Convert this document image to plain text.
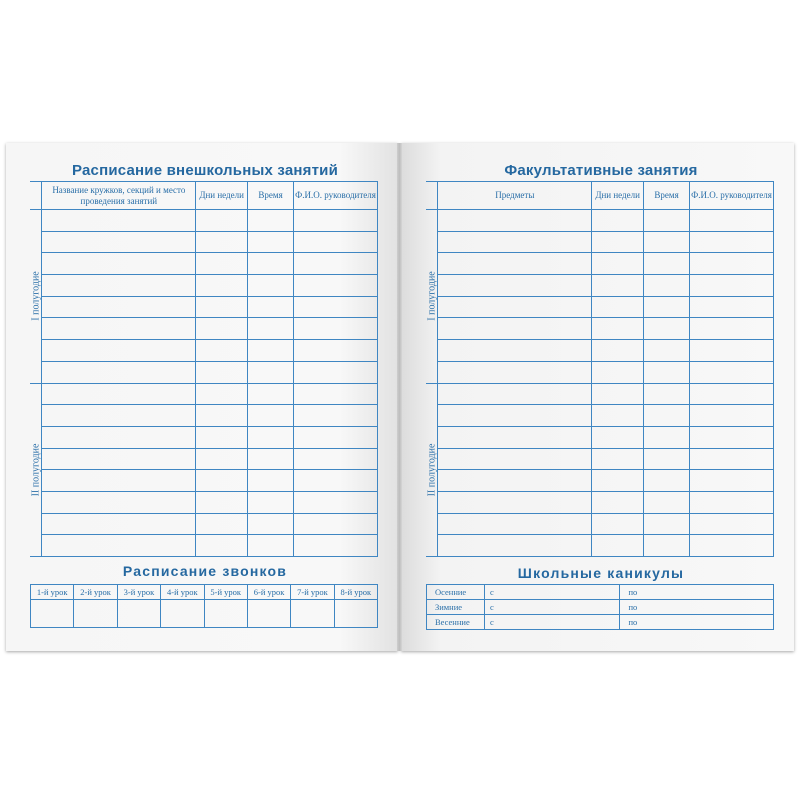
Расписание внешкольных занятий
	Название кружков, секций и место проведения занятий	Дни недели	Время	Ф.И.О. руководителя

I полугодие				

II полугодие				

Расписание звонков
1-й урок	2-й урок	3-й урок	4-й урок	5-й урок	6-й урок	7-й урок	8-й урок

Факультативные занятия
	Предметы	Дни недели	Время	Ф.И.О. руководителя

I полугодие				

II полугодие				

Школьные каникулы
Осенние	с	по
Зимние	с	по
Весенние	с	по
